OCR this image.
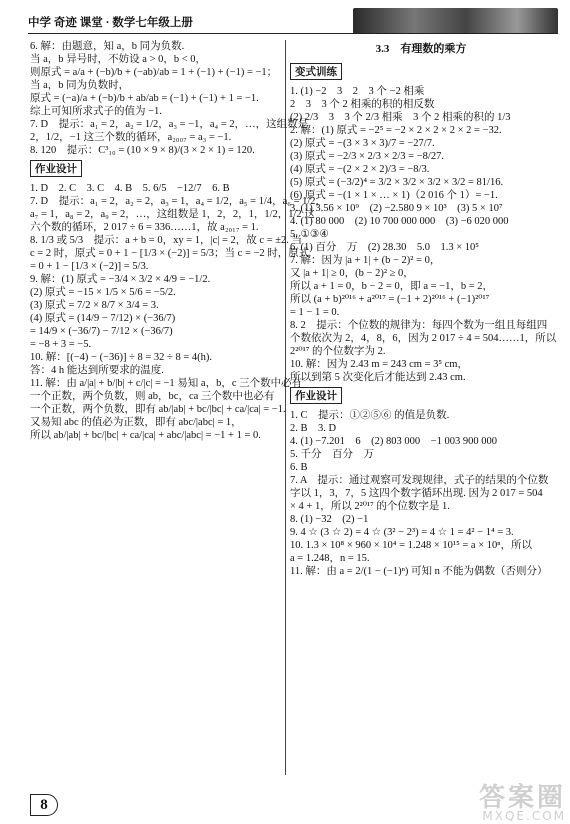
中学 奇迹 课堂 · 数学七年级上册
6. 解：由题意，知 a，b 同为负数.
当 a，b 异号时，不妨设 a > 0，b < 0，
则原式 = a/a + (−b)/b + (−ab)/ab = 1 + (−1) + (−1) = −1；
当 a，b 同为负数时，
原式 = (−a)/a + (−b)/b + ab/ab = (−1) + (−1) + 1 = −1.
综上可知所求式子的值为 −1.
7. D　提示：a₁ = 2，a₂ = 1/2，a₃ = −1，a₄ = 2，…，这组数是
2，1/2，−1 这三个数的循环，a₂₀₀₇ = a₃ = −1.
8. 120　提示：C³₁₀ = (10 × 9 × 8)/(3 × 2 × 1) = 120.
作业设计
1. D　2. C　3. C　4. B　5. 6/5　−12/7　6. B
7. D　提示：a₁ = 2，a₂ = 2，a₃ = 1，a₄ = 1/2，a₅ = 1/4，a₆ = 1/2，
a₇ = 1，a₈ = 2，a₉ = 2，…，这组数是 1，2，2，1，1/2，1/2 这
六个数的循环，2 017 ÷ 6 = 336……1，故 a₂₀₁₇ = 1.
8. 1/3 或 5/3　提示：a + b = 0，xy = 1，|c| = 2，故 c = ±2. 当
c = 2 时，原式 = 0 + 1 − [1/3 × (−2)] = 5/3；当 c = −2 时，原式
= 0 + 1 − [1/3 × (−2)] = 5/3.
9. 解：(1) 原式 = −3/4 × 3/2 × 4/9 = −1/2.
(2) 原式 = −15 × 1/5 × 5/6 = −5/2.
(3) 原式 = 7/2 × 8/7 × 3/4 = 3.
(4) 原式 = (14/9 − 7/12) × (−36/7)
= 14/9 × (−36/7) − 7/12 × (−36/7)
= −8 + 3 = −5.
10. 解：[(−4) − (−36)] ÷ 8 = 32 ÷ 8 = 4(h).
答：4 h 能达到所要求的温度.
11. 解：由 a/|a| + b/|b| + c/|c| = −1 易知 a，b，c 三个数中必有
一个正数，两个负数，则 ab，bc，ca 三个数中也必有
一个正数，两个负数，即有 ab/|ab| + bc/|bc| + ca/|ca| = −1.
又易知 abc 的值必为正数，即有 abc/|abc| = 1，
所以 ab/|ab| + bc/|bc| + ca/|ca| + abc/|abc| = −1 + 1 = 0.
3.3　有理数的乘方
变式训练
1. (1) −2　3　2　3 个 −2 相乘
2　3　3 个 2 相乘的积的相反数
(2) 2/3　3　3 个 2/3 相乘　3 个 2 相乘的积的 1/3
2. 解：(1) 原式 = −2⁵ = −2 × 2 × 2 × 2 × 2 = −32.
(2) 原式 = −(3 × 3 × 3)/7 = −27/7.
(3) 原式 = −2/3 × 2/3 × 2/3 = −8/27.
(4) 原式 = −(2 × 2 × 2)/3 = −8/3.
(5) 原式 = (−3/2)⁴ = 3/2 × 3/2 × 3/2 × 3/2 = 81/16.
(6) 原式 = −(1 × 1 × … × 1)（2 016 个 1）= −1.
3. (1) 3.56 × 10⁹　(2) −2.580 9 × 10³　(3) 5 × 10⁷
4. (1) 80 000　(2) 10 700 000 000　(3) −6 020 000
5. ①③④
6. (1) 百分　万　(2) 28.30　5.0　1.3 × 10⁵
7. 解：因为 |a + 1| + (b − 2)² = 0，
又 |a + 1| ≥ 0，(b − 2)² ≥ 0，
所以 a + 1 = 0，b − 2 = 0，即 a = −1，b = 2，
所以 (a + b)²⁰¹⁶ + a²⁰¹⁷ = (−1 + 2)²⁰¹⁶ + (−1)²⁰¹⁷
= 1 − 1 = 0.
8. 2　提示：个位数的规律为：每四个数为一组且每组四
个数依次为 2，4，8，6，因为 2 017 ÷ 4 = 504……1，所以
2²⁰¹⁷ 的个位数字为 2.
10. 解：因为 2.43 m = 243 cm = 3⁵ cm，
所以到第 5 次变化后才能达到 2.43 cm.
作业设计
1. C　提示：①②⑤⑥ 的值是负数.
2. B　3. D
4. (1) −7.201　6　(2) 803 000　−1 003 900 000
5. 千分　百分　万
6. B
7. A　提示：通过观察可发现规律，式子的结果的个位数
字以 1，3，7，5 这四个数字循环出现. 因为 2 017 = 504
× 4 + 1，所以 2²⁰¹⁷ 的个位数字是 1.
8. (1) −32　(2) −1
9. 4 ☆ (3 ☆ 2) = 4 ☆ (3² − 2³) = 4 ☆ 1 = 4² − 1⁴ = 3.
10. 1.3 × 10⁸ × 960 × 10⁴ = 1.248 × 10¹⁵ = a × 10ⁿ，所以
a = 1.248，n = 15.
11. 解：由 a = 2/(1 − (−1)ⁿ) 可知 n 不能为偶数（否则分）
8	答案圈
MXQE.COM
